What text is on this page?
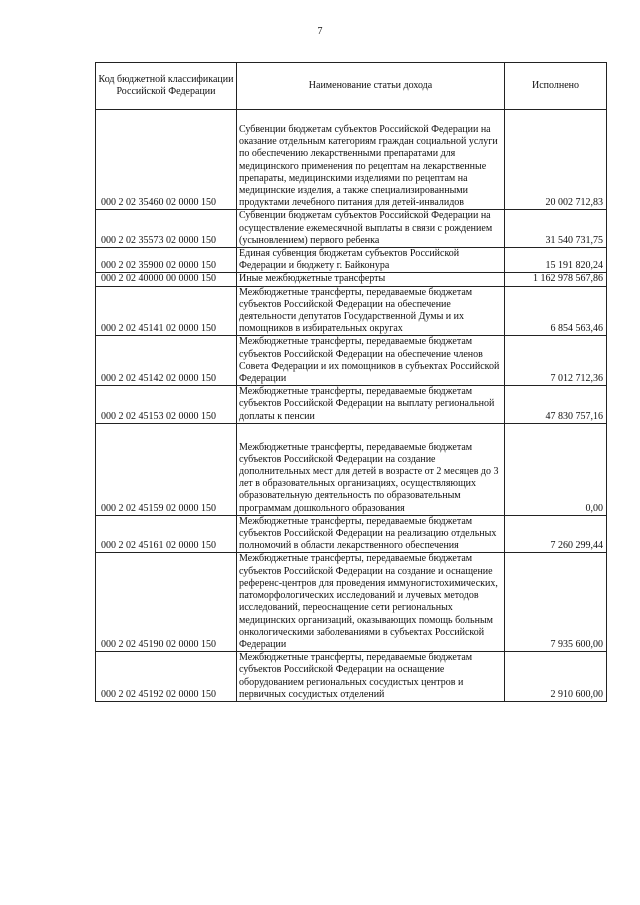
7
Код бюджетной классификации Российской Федерации	Наименование статьи дохода	Исполнено
000 2 02 35460 02 0000 150	Субвенции бюджетам субъектов Российской Федерации на оказание отдельным категориям граждан социальной услуги по обеспечению лекарственными препаратами для медицинского применения по рецептам на лекарственные препараты, медицинскими изделиями по рецептам на медицинские изделия, а также специализированными продуктами лечебного питания для детей-инвалидов	20 002 712,83
000 2 02 35573 02 0000 150	Субвенции бюджетам субъектов Российской Федерации на осуществление ежемесячной выплаты в связи с рождением (усыновлением) первого ребенка	31 540 731,75
000 2 02 35900 02 0000 150	Единая субвенция бюджетам субъектов Российской Федерации и бюджету г. Байконура	15 191 820,24
000 2 02 40000 00 0000 150	Иные межбюджетные трансферты	1 162 978 567,86
000 2 02 45141 02 0000 150	Межбюджетные трансферты, передаваемые бюджетам субъектов Российской Федерации на обеспечение деятельности депутатов Государственной Думы и их помощников в избирательных округах	6 854 563,46
000 2 02 45142 02 0000 150	Межбюджетные трансферты, передаваемые бюджетам субъектов Российской Федерации на обеспечение членов Совета Федерации и их помощников в субъектах Российской Федерации	7 012 712,36
000 2 02 45153 02 0000 150	Межбюджетные трансферты, передаваемые бюджетам субъектов Российской Федерации на выплату региональной доплаты к пенсии	47 830 757,16
000 2 02 45159 02 0000 150	Межбюджетные трансферты, передаваемые бюджетам субъектов Российской Федерации на создание дополнительных мест для детей в возрасте от 2 месяцев до 3 лет в образовательных организациях, осуществляющих образовательную деятельность по образовательным программам дошкольного образования	0,00
000 2 02 45161 02 0000 150	Межбюджетные трансферты, передаваемые бюджетам субъектов Российской Федерации на реализацию отдельных полномочий в области лекарственного обеспечения	7 260 299,44
000 2 02 45190 02 0000 150	Межбюджетные трансферты, передаваемые бюджетам субъектов Российской Федерации на создание и оснащение референс-центров для проведения иммуногистохимических, патоморфологических исследований и лучевых методов исследований, переоснащение сети региональных медицинских организаций, оказывающих помощь больным онкологическими заболеваниями в субъектах Российской Федерации	7 935 600,00
000 2 02 45192 02 0000 150	Межбюджетные трансферты, передаваемые бюджетам субъектов Российской Федерации на оснащение оборудованием региональных сосудистых центров и первичных сосудистых отделений	2 910 600,00
